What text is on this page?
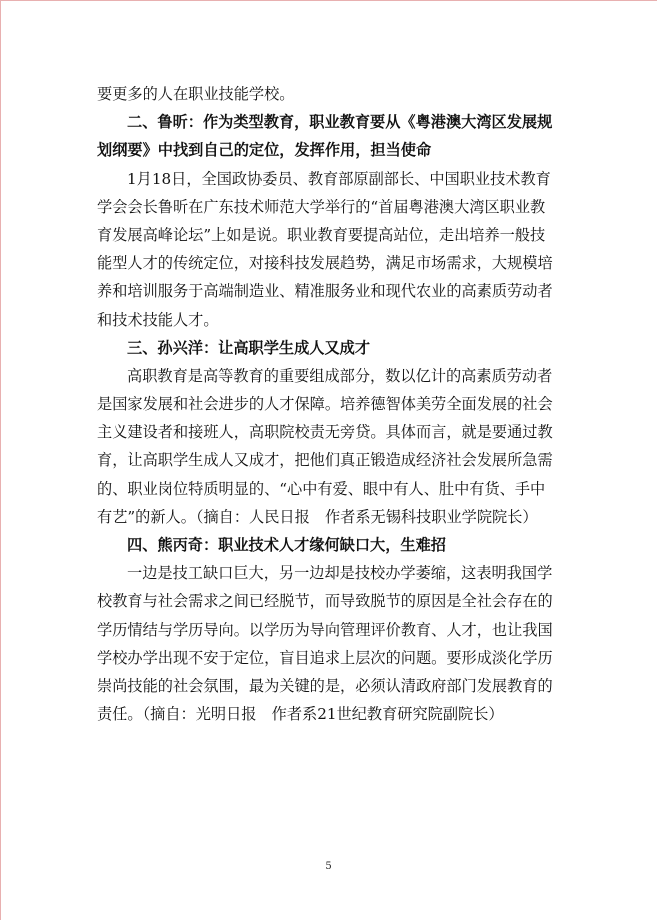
要更多的人在职业技能学校。
二、鲁昕：作为类型教育，职业教育要从《粤港澳大湾区发展规
划纲要》中找到自己的定位，发挥作用，担当使命
1月18日，全国政协委员、教育部原副部长、中国职业技术教育
学会会长鲁昕在广东技术师范大学举行的“首届粤港澳大湾区职业教
育发展高峰论坛”上如是说。职业教育要提高站位，走出培养一般技
能型人才的传统定位，对接科技发展趋势，满足市场需求，大规模培
养和培训服务于高端制造业、精准服务业和现代农业的高素质劳动者
和技术技能人才。
三、孙兴洋：让高职学生成人又成才
高职教育是高等教育的重要组成部分，数以亿计的高素质劳动者
是国家发展和社会进步的人才保障。培养德智体美劳全面发展的社会
主义建设者和接班人，高职院校责无旁贷。具体而言，就是要通过教
育，让高职学生成人又成才，把他们真正锻造成经济社会发展所急需
的、职业岗位特质明显的、“心中有爱、眼中有人、肚中有货、手中
有艺”的新人。（摘自：人民日报　作者系无锡科技职业学院院长）
四、熊丙奇：职业技术人才缘何缺口大，生难招
一边是技工缺口巨大，另一边却是技校办学萎缩，这表明我国学
校教育与社会需求之间已经脱节，而导致脱节的原因是全社会存在的
学历情结与学历导向。以学历为导向管理评价教育、人才，也让我国
学校办学出现不安于定位，盲目追求上层次的问题。要形成淡化学历
崇尚技能的社会氛围，最为关键的是，必须认清政府部门发展教育的
责任。（摘自：光明日报　作者系21世纪教育研究院副院长）
5
